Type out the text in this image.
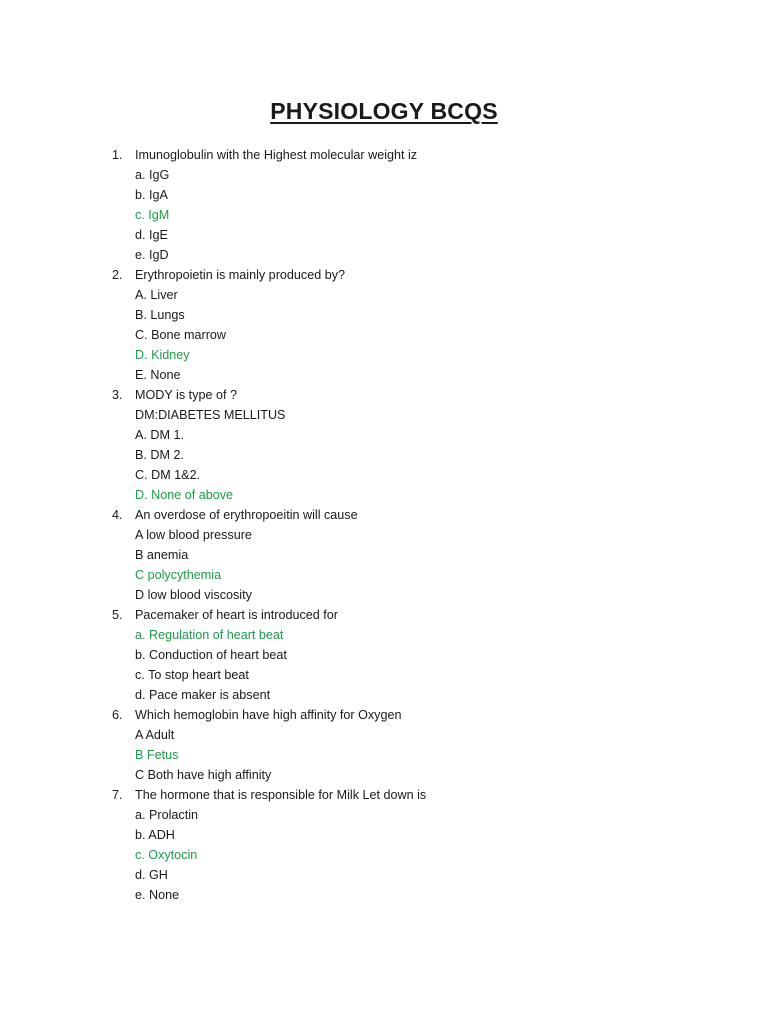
PHYSIOLOGY BCQS
1. Imunoglobulin with the Highest molecular weight iz
a. IgG
b. IgA
c. IgM
d. IgE
e. IgD
2. Erythropoietin is mainly produced by?
A. Liver
B. Lungs
C. Bone marrow
D. Kidney
E. None
3. MODY is type of ?
DM:DIABETES MELLITUS
A. DM 1.
B. DM 2.
C. DM 1&2.
D. None of above
4. An overdose of erythropoeitin will cause
A low blood pressure
B anemia
C polycythemia
D low blood viscosity
5. Pacemaker of heart is introduced for
a. Regulation of heart beat
b. Conduction of heart beat
c. To stop heart beat
d. Pace maker is absent
6. Which hemoglobin have high affinity for Oxygen
A Adult
B Fetus
C Both have high affinity
7. The hormone that is responsible for Milk Let down is
a. Prolactin
b. ADH
c. Oxytocin
d. GH
e. None
